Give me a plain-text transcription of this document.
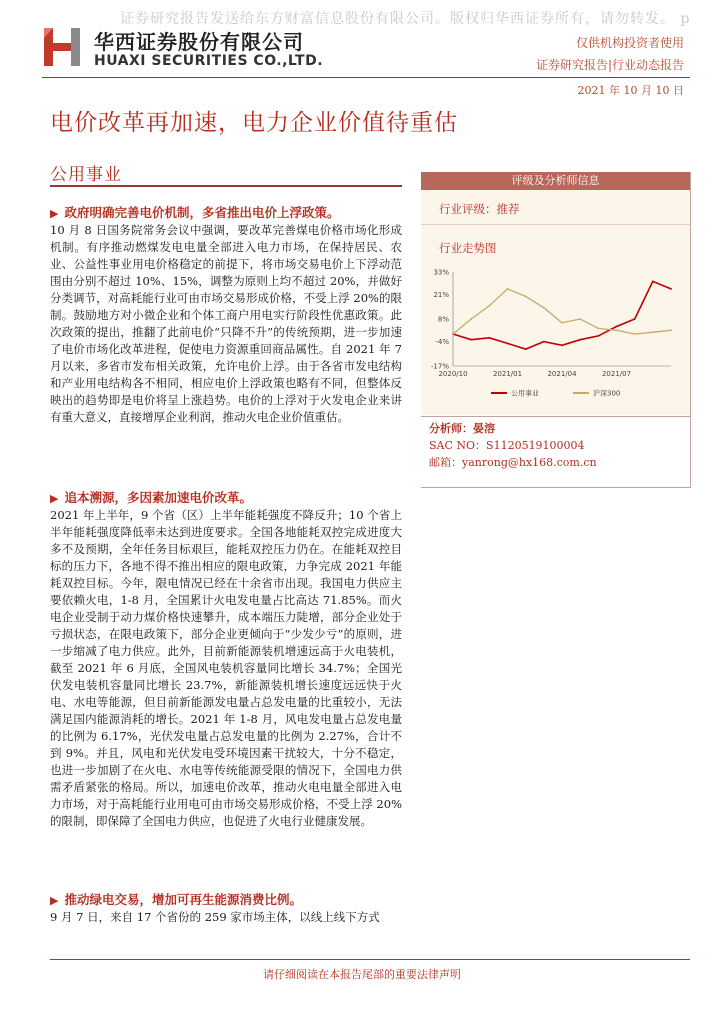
证券研究报告发送给东方财富信息股份有限公司。版权归华西证券所有，请勿转发。 p
华西证券股份有限公司
HUAXI SECURITIES CO.,LTD.
仅供机构投资者使用
证券研究报告|行业动态报告
2021 年 10 月 10 日
电价改革再加速，电力企业价值待重估
公用事业
▶ 政府明确完善电价机制，多省推出电价上浮政策。
10 月 8 日国务院常务会议中强调，要改革完善煤电价格市场化形成机制。有序推动燃煤发电电量全部进入电力市场，在保持居民、农业、公益性事业用电价格稳定的前提下，将市场交易电价上下浮动范围由分别不超过 10%、15%，调整为原则上均不超过 20%，并做好分类调节，对高耗能行业可由市场交易形成价格，不受上浮 20%的限制。鼓励地方对小微企业和个体工商户用电实行阶段性优惠政策。此次政策的提出，推翻了此前电价“只降不升”的传统预期，进一步加速了电价市场化改革进程，促使电力资源重回商品属性。自 2021 年 7 月以来，多省市发布相关政策，允许电价上浮。由于各省市发电结构和产业用电结构各不相同，相应电价上浮政策也略有不同，但整体反映出的趋势即是电价将呈上涨趋势。电价的上浮对于火发电企业来讲有重大意义，直接增厚企业利润，推动火电企业价值重估。
▶ 追本溯源，多因素加速电价改革。
2021 年上半年，9 个省（区）上半年能耗强度不降反升；10 个省上半年能耗强度降低率未达到进度要求。全国各地能耗双控完成进度大多不及预期，全年任务目标艰巨，能耗双控压力仍在。在能耗双控目标的压力下，各地不得不推出相应的限电政策，力争完成 2021 年能耗双控目标。今年，限电情况已经在十余省市出现。我国电力供应主要依赖火电，1-8 月，全国累计火电发电量占比高达 71.85%。而火电企业受制于动力煤价格快速攀升，成本端压力陡增，部分企业处于亏损状态，在限电政策下，部分企业更倾向于“少发少亏”的原则，进一步缩减了电力供应。此外，目前新能源装机增速远高于火电装机，截至 2021 年 6 月底，全国风电装机容量同比增长 34.7%；全国光伏发电装机容量同比增长 23.7%，新能源装机增长速度远远快于火电、水电等能源，但目前新能源发电量占总发电量的比重较小，无法满足国内能源消耗的增长。2021 年 1-8 月，风电发电量占总发电量的比例为 6.17%，光伏发电量占总发电量的比例为 2.27%，合计不到 9%。并且，风电和光伏发电受环境因素干扰较大，十分不稳定，也进一步加剧了在火电、水电等传统能源受限的情况下，全国电力供需矛盾紧张的格局。所以，加速电价改革，推动火电电量全部进入电力市场，对于高耗能行业用电可由市场交易形成价格，不受上浮 20%的限制，即保障了全国电力供应，也促进了火电行业健康发展。
▶ 推动绿电交易，增加可再生能源消费比例。
9 月 7 日，来自 17 个省份的 259 家市场主体，以线上线下方式
评级及分析师信息
行业评级：推荐
行业走势图
33%
21%
8%
-4%
-17%
2020/10	2021/01	2021/04	2021/07
公用事业	沪深300
分析师：晏溶
SAC NO：S1120519100004
邮箱：yanrong@hx168.com.cn
请仔细阅读在本报告尾部的重要法律声明
